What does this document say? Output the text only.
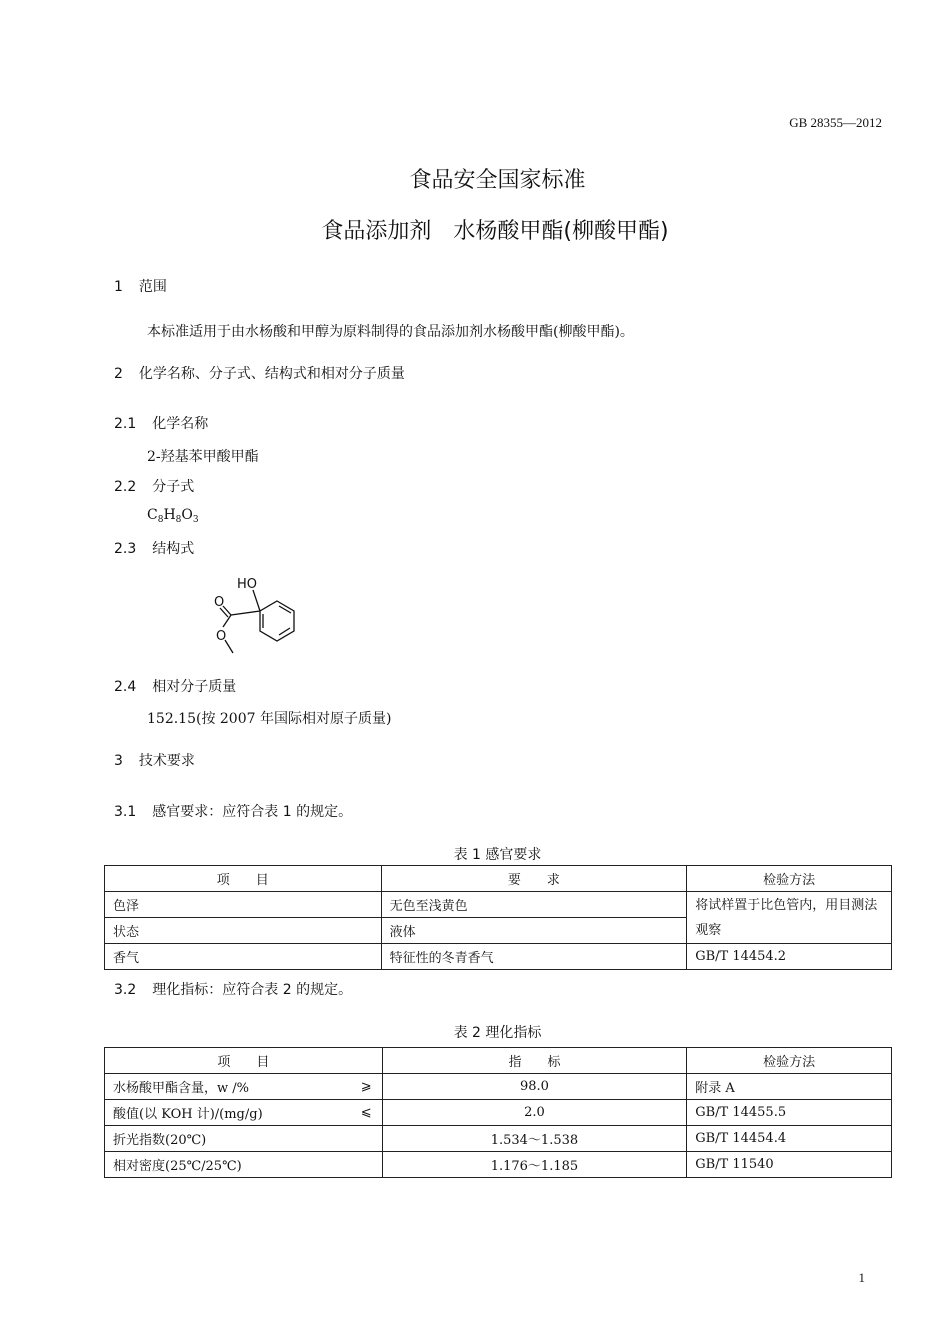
GB 28355—2012
食品安全国家标准
食品添加剂　水杨酸甲酯(柳酸甲酯)
1 范围
本标准适用于由水杨酸和甲醇为原料制得的食品添加剂水杨酸甲酯(柳酸甲酯)。
2 化学名称、分子式、结构式和相对分子质量
2.1 化学名称
2-羟基苯甲酸甲酯
2.2 分子式
$C_8H_8O_3$
2.3 结构式
HO
O
O
2.4 相对分子质量
152.15(按 2007 年国际相对原子质量)
3 技术要求
3.1 感官要求：应符合表 1 的规定。
表 1 感官要求
项　　目	要　　求	检验方法
色泽	无色至浅黄色	将试样置于比色管内，用目测法观察
状态	液体	
香气	特征性的冬青香气	GB/T 14454.2
3.2 理化指标：应符合表 2 的规定。
表 2 理化指标
项　　目	指　　标	检验方法
水杨酸甲酯含量，w /% ⩾	98.0	附录 A
酸值(以 KOH 计)/(mg/g) ⩽	2.0	GB/T 14455.5
折光指数(20℃)	1.534～1.538	GB/T 14454.4
相对密度(25℃/25℃)	1.176～1.185	GB/T 11540
1
